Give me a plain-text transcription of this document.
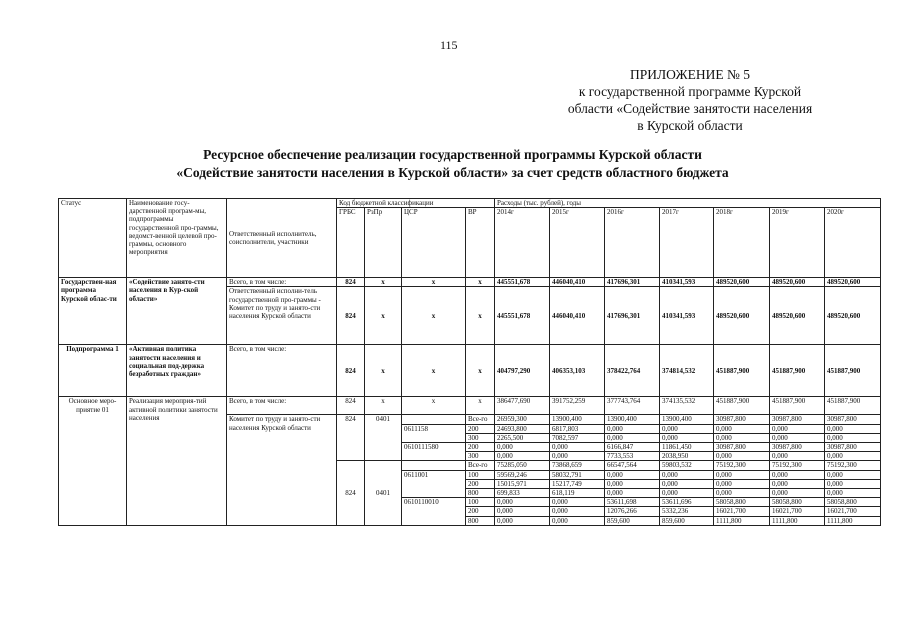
115
ПРИЛОЖЕНИЕ № 5
к государственной программе Курской
области «Содействие занятости населения
в Курской области
Ресурсное обеспечение реализации государственной программы Курской области
«Содействие занятости населения в Курской области» за счет средств областного бюджета
Статус	Наименование госу-дарственной програм-мы, подпрограммы государственной про-граммы, ведомст-венной целевой про-граммы, основного мероприятия	Ответственный исполнитель, соисполнители, участники	Код бюджетной классификации				Расходы (тыс. рублей), годы						
			ГРБС	РзПр	ЦСР	ВР	2014г	2015г	2016г	2017г	2018г	2019г	2020г
Государствен-ная программа Курской облас-ти	«Содействие занято-сти населения в Кур-ской области»	Всего, в том числе:	824	x	x	x	445551,678	446040,410	417696,301	410341,593	489520,600	489520,600	489520,600
		Ответственный исполни-тель государственной про-граммы - Комитет по труду и занято-сти населения Курской области	824	x	x	x	445551,678	446040,410	417696,301	410341,593	489520,600	489520,600	489520,600
Подпрограмма 1	«Активная политика занятости населения и социальная под-держка безработных граждан»	Всего, в том числе:	824	x	x	x	404797,290	406353,103	378422,764	374814,532	451887,900	451887,900	451887,900
Основное меро-приятие 01	Реализация мероприя-тий активной политики занятости населения	Всего, в том числе:	824	x	x	x	386477,690	391752,259	377743,764	374135,532	451887,900	451887,900	451887,900
		Комитет по труду и занято-сти населения Курской области	824	0401		Все-го	26959,300	13900,400	13900,400	13900,400	30987,800	30987,800	30987,800
					0611158	200	24693,800	6817,803	0,000	0,000	0,000	0,000	0,000
						300	2265,500	7082,597	0,000	0,000	0,000	0,000	0,000
					0610111580	200	0,000	0,000	6166,847	11861,450	30987,800	30987,800	30987,800
						300	0,000	0,000	7733,553	2038,950	0,000	0,000	0,000
			824	0401		Все-го	75285,050	73868,659	66547,564	59803,532	75192,300	75192,300	75192,300
					0611001	100	59569,246	58032,791	0,000	0,000	0,000	0,000	0,000
						200	15015,971	15217,749	0,000	0,000	0,000	0,000	0,000
						800	699,833	618,119	0,000	0,000	0,000	0,000	0,000
					0610110010	100	0,000	0,000	53611,698	53611,696	58058,800	58058,800	58058,800
						200	0,000	0,000	12076,266	5332,236	16021,700	16021,700	16021,700
						800	0,000	0,000	859,600	859,600	1111,800	1111,800	1111,800
